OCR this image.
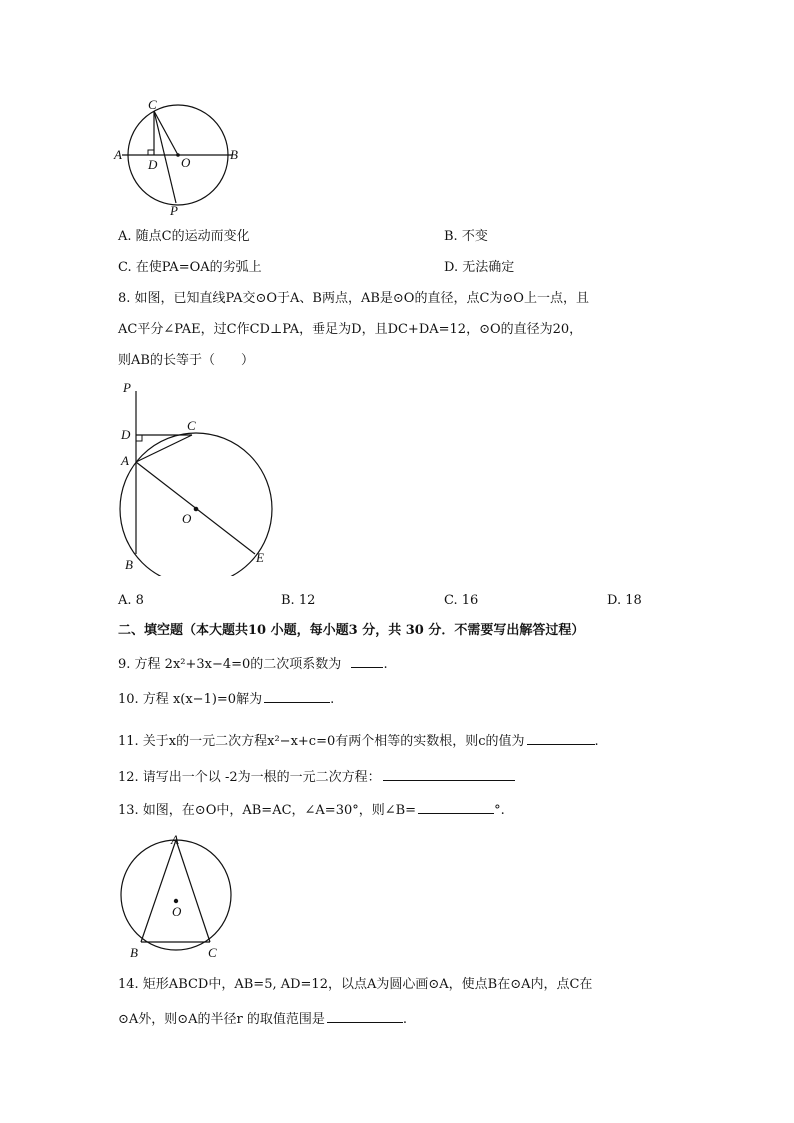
C
A
D O
B
P
A. 随点C的运动而变化	B. 不变
C. 在使PA=OA的劣弧上	D. 无法确定
8. 如图，已知直线PA交⊙O于A、B两点，AB是⊙O的直径，点C为⊙O上一点，且
AC平分∠PAE，过C作CD⊥PA，垂足为D，且DC+DA=12，⊙O的直径为20，
则AB的长等于（　　）
P
D
C
A
O
B	E
A. 8	B. 12	C. 16	D. 18
二、填空题（本大题共10 小题，每小题3 分，共 30 分．不需要写出解答过程）
9. 方程 2x²+3x−4=0的二次项系数为	.
10. 方程 x(x−1)=0解为	.
11. 关于x的一元二次方程x²−x+c=0有两个相等的实数根，则c的值为	.
12. 请写出一个以 -2为一根的一元二次方程：
13. 如图，在⊙O中，AB=AC，∠A=30°，则∠B=	°.
A
O
B	C
14. 矩形ABCD中，AB=5, AD=12，以点A为圆心画⊙A，使点B在⊙A内，点C在
⊙A外，则⊙A的半径r 的取值范围是	.
